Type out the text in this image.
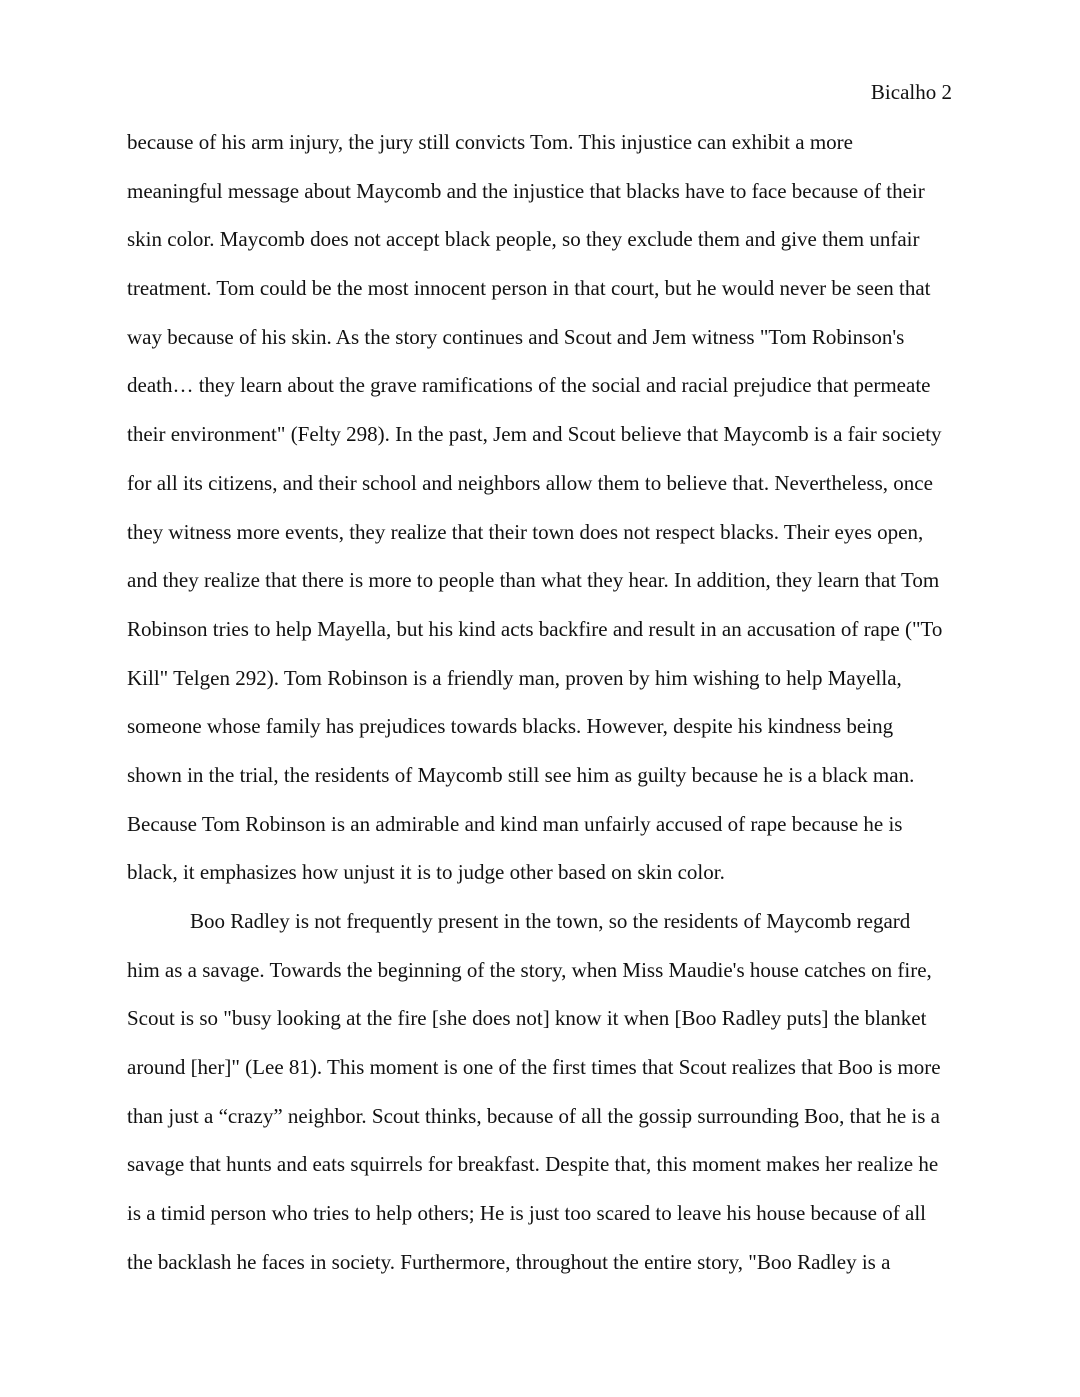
Bicalho 2
because of his arm injury, the jury still convicts Tom. This injustice can exhibit a more
meaningful message about Maycomb and the injustice that blacks have to face because of their
skin color. Maycomb does not accept black people, so they exclude them and give them unfair
treatment. Tom could be the most innocent person in that court, but he would never be seen that
way because of his skin. As the story continues and Scout and Jem witness "Tom Robinson's
death… they learn about the grave ramifications of the social and racial prejudice that permeate
their environment" (Felty 298). In the past, Jem and Scout believe that Maycomb is a fair society
for all its citizens, and their school and neighbors allow them to believe that. Nevertheless, once
they witness more events, they realize that their town does not respect blacks. Their eyes open,
and they realize that there is more to people than what they hear. In addition, they learn that Tom
Robinson tries to help Mayella, but his kind acts backfire and result in an accusation of rape ("To
Kill" Telgen 292). Tom Robinson is a friendly man, proven by him wishing to help Mayella,
someone whose family has prejudices towards blacks. However, despite his kindness being
shown in the trial, the residents of Maycomb still see him as guilty because he is a black man.
Because Tom Robinson is an admirable and kind man unfairly accused of rape because he is
black, it emphasizes how unjust it is to judge other based on skin color.
Boo Radley is not frequently present in the town, so the residents of Maycomb regard
him as a savage. Towards the beginning of the story, when Miss Maudie's house catches on fire,
Scout is so "busy looking at the fire [she does not] know it when [Boo Radley puts] the blanket
around [her]" (Lee 81). This moment is one of the first times that Scout realizes that Boo is more
than just a “crazy” neighbor. Scout thinks, because of all the gossip surrounding Boo, that he is a
savage that hunts and eats squirrels for breakfast. Despite that, this moment makes her realize he
is a timid person who tries to help others; He is just too scared to leave his house because of all
the backlash he faces in society. Furthermore, throughout the entire story, "Boo Radley is a
